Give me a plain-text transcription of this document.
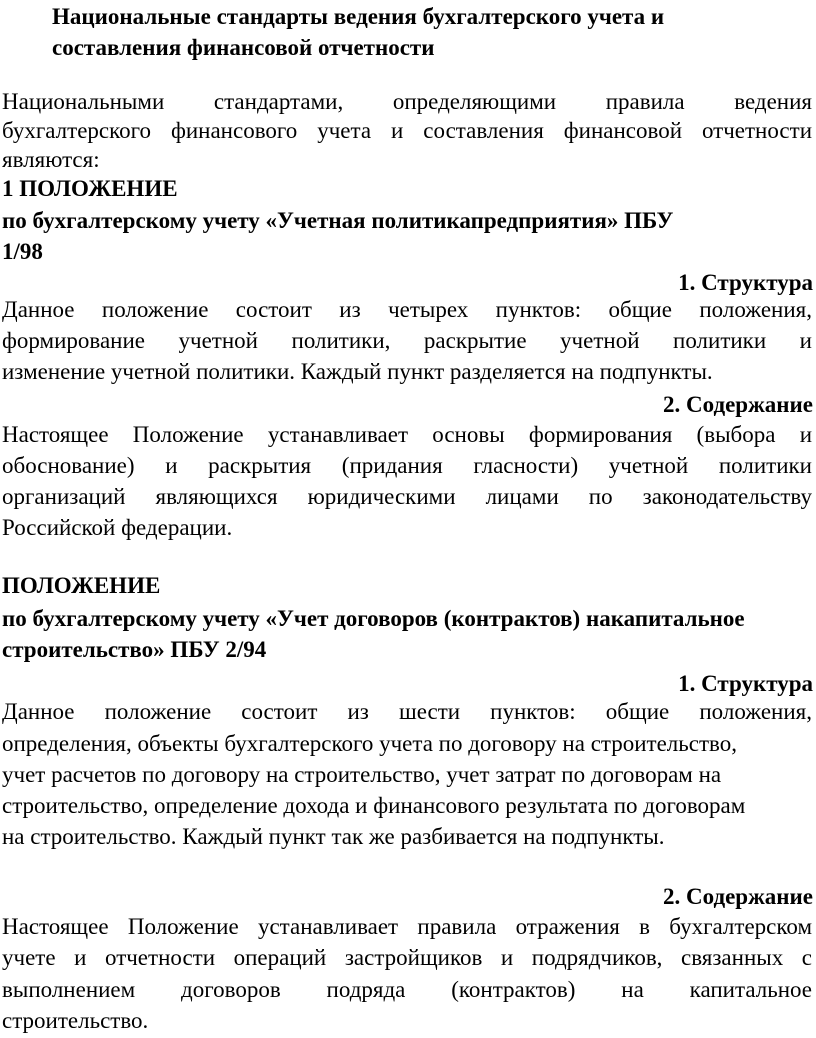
Национальные стандарты ведения бухгалтерского учета и
составления финансовой отчетности
Национальными стандартами, определяющими правила ведения
бухгалтерского финансового учета и составления финансовой отчетности
являются:
1 ПОЛОЖЕНИЕ
по бухгалтерскому учету «Учетная политикапредприятия» ПБУ
1/98
1. Структура
Данное положение состоит из четырех пунктов: общие положения,
формирование учетной политики, раскрытие учетной политики и
изменение учетной политики. Каждый пункт разделяется на подпункты.
2. Содержание
Настоящее Положение устанавливает основы формирования (выбора и
обоснование) и раскрытия (придания гласности) учетной политики
организаций являющихся юридическими лицами по законодательству
Российской федерации.
ПОЛОЖЕНИЕ
по бухгалтерскому учету «Учет договоров (контрактов) накапитальное
строительство» ПБУ 2/94
1. Структура
Данное положение состоит из шести пунктов: общие положения,
определения, объекты бухгалтерского учета по договору на строительство,
учет расчетов по договору на строительство, учет затрат по договорам на
строительство, определение дохода и финансового результата по договорам
на строительство. Каждый пункт так же разбивается на подпункты.
2. Содержание
Настоящее Положение устанавливает правила отражения в бухгалтерском
учете и отчетности операций застройщиков и подрядчиков, связанных с
выполнением договоров подряда (контрактов) на капитальное
строительство.
